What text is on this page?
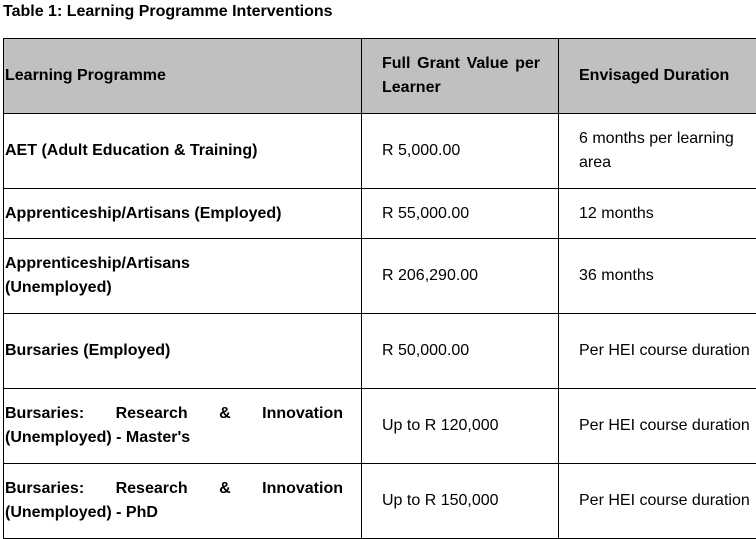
Table 1: Learning Programme Interventions
Learning Programme	Full Grant Value per Learner	Envisaged Duration
AET (Adult Education & Training)	R 5,000.00	6 months per learning area
Apprenticeship/Artisans (Employed)	R 55,000.00	12 months
Apprenticeship/Artisans (Unemployed)	R 206,290.00	36 months
Bursaries (Employed)	R 50,000.00	Per HEI course duration
Bursaries: Research & Innovation (Unemployed) - Master's	Up to R 120,000	Per HEI course duration
Bursaries: Research & Innovation (Unemployed) - PhD	Up to R 150,000	Per HEI course duration
